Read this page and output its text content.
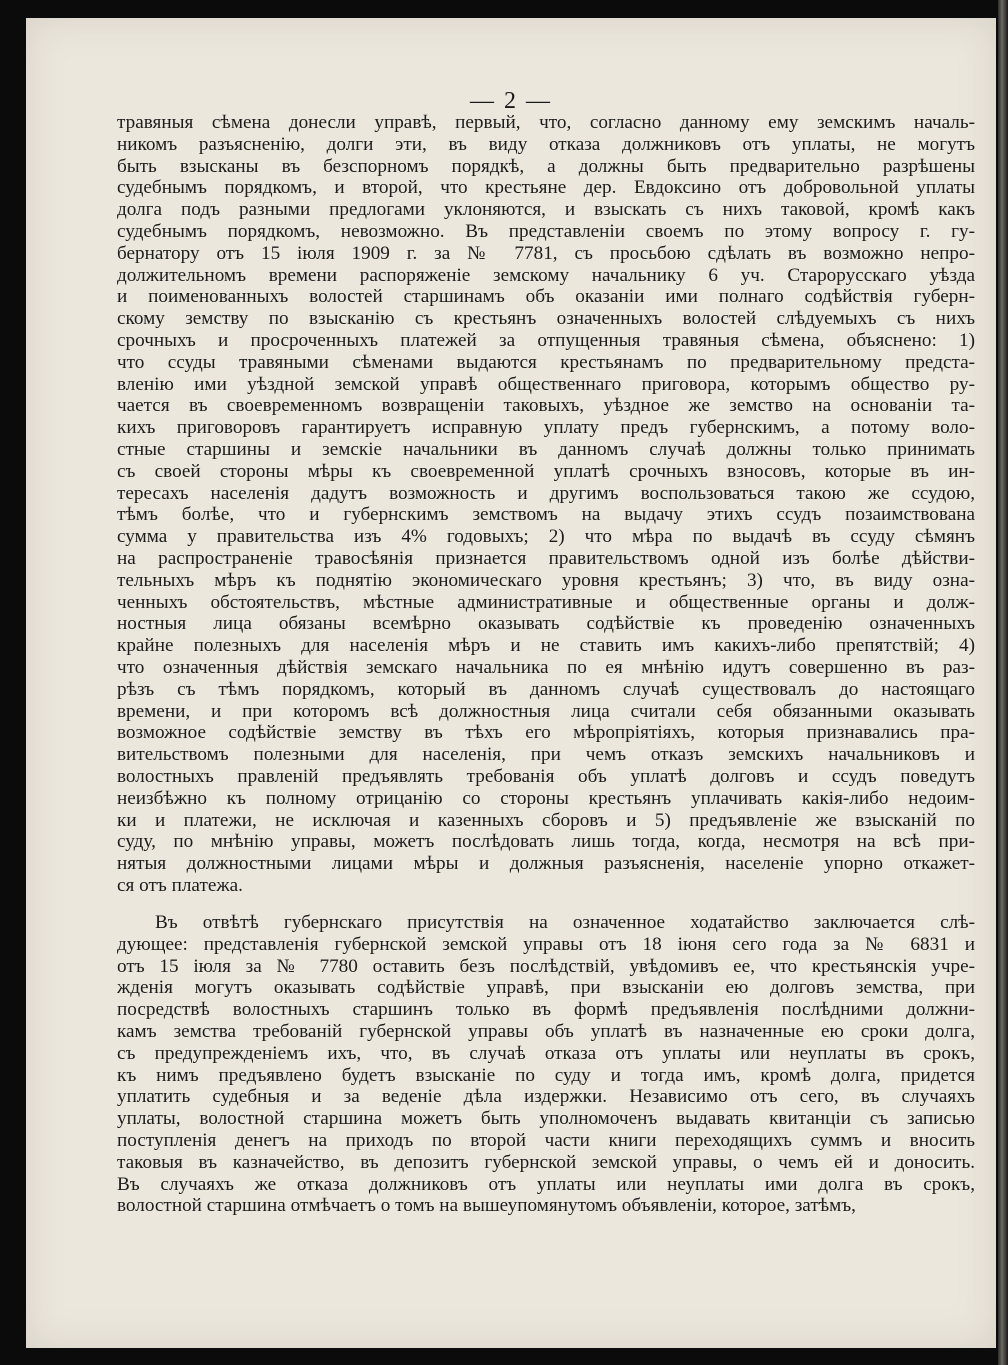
— 2 —
травяныя сѣмена донесли управѣ, первый, что, согласно данному ему земскимъ началь-
никомъ разъясненію, долги эти, въ виду отказа должниковъ отъ уплаты, не могутъ
быть взысканы въ безспорномъ порядкѣ, а должны быть предварительно разрѣшены
судебнымъ порядкомъ, и второй, что крестьяне дер. Евдоксино отъ добровольной уплаты
долга подъ разными предлогами уклоняются, и взыскать съ нихъ таковой, кромѣ какъ
судебнымъ порядкомъ, невозможно. Въ представленіи своемъ по этому вопросу г. гу-
бернатору отъ 15 іюля 1909 г. за № 7781, съ просьбою сдѣлать въ возможно непро-
должительномъ времени распоряженіе земскому начальнику 6 уч. Старорусскаго уѣзда
и поименованныхъ волостей старшинамъ объ оказаніи ими полнаго содѣйствія губерн-
скому земству по взысканію съ крестьянъ означенныхъ волостей слѣдуемыхъ съ нихъ
срочныхъ и просроченныхъ платежей за отпущенныя травяныя сѣмена, объяснено: 1)
что ссуды травяными сѣменами выдаются крестьянамъ по предварительному предста-
вленію ими уѣздной земской управѣ общественнаго приговора, которымъ общество ру-
чается въ своевременномъ возвращеніи таковыхъ, уѣздное же земство на основаніи та-
кихъ приговоровъ гарантируетъ исправную уплату предъ губернскимъ, а потому воло-
стные старшины и земскіе начальники въ данномъ случаѣ должны только принимать
съ своей стороны мѣры къ своевременной уплатѣ срочныхъ взносовъ, которые въ ин-
тересахъ населенія дадутъ возможность и другимъ воспользоваться такою же ссудою,
тѣмъ болѣе, что и губернскимъ земствомъ на выдачу этихъ ссудъ позаимствована
сумма у правительства изъ 4% годовыхъ; 2) что мѣра по выдачѣ въ ссуду сѣмянъ
на распространеніе травосѣянія признается правительствомъ одной изъ болѣе дѣйстви-
тельныхъ мѣръ къ поднятію экономическаго уровня крестьянъ; 3) что, въ виду озна-
ченныхъ обстоятельствъ, мѣстные административные и общественные органы и долж-
ностныя лица обязаны всемѣрно оказывать содѣйствіе къ проведенію означенныхъ
крайне полезныхъ для населенія мѣръ и не ставить имъ какихъ-либо препятствій; 4)
что означенныя дѣйствія земскаго начальника по ея мнѣнію идутъ совершенно въ раз-
рѣзъ съ тѣмъ порядкомъ, который въ данномъ случаѣ существовалъ до настоящаго
времени, и при которомъ всѣ должностныя лица считали себя обязанными оказывать
возможное содѣйствіе земству въ тѣхъ его мѣропріятіяхъ, которыя признавались пра-
вительствомъ полезными для населенія, при чемъ отказъ земскихъ начальниковъ и
волостныхъ правленій предъявлять требованія объ уплатѣ долговъ и ссудъ поведутъ
неизбѣжно къ полному отрицанію со стороны крестьянъ уплачивать какія-либо недоим-
ки и платежи, не исключая и казенныхъ сборовъ и 5) предъявленіе же взысканій по
суду, по мнѣнію управы, можетъ послѣдовать лишь тогда, когда, несмотря на всѣ при-
нятыя должностными лицами мѣры и должныя разъясненія, населеніе упорно откажет-
ся отъ платежа.
Въ отвѣтѣ губернскаго присутствія на означенное ходатайство заключается слѣ-
дующее: представленія губернской земской управы отъ 18 іюня сего года за № 6831 и
отъ 15 іюля за № 7780 оставить безъ послѣдствій, увѣдомивъ ее, что крестьянскія учре-
жденія могутъ оказывать содѣйствіе управѣ, при взысканіи ею долговъ земства, при
посредствѣ волостныхъ старшинъ только въ формѣ предъявленія послѣдними должни-
камъ земства требованій губернской управы объ уплатѣ въ назначенные ею сроки долга,
съ предупрежденіемъ ихъ, что, въ случаѣ отказа отъ уплаты или неуплаты въ срокъ,
къ нимъ предъявлено будетъ взысканіе по суду и тогда имъ, кромѣ долга, придется
уплатить судебныя и за веденіе дѣла издержки. Независимо отъ сего, въ случаяхъ
уплаты, волостной старшина можетъ быть уполномоченъ выдавать квитанціи съ записью
поступленія денегъ на приходъ по второй части книги переходящихъ суммъ и вносить
таковыя въ казначейство, въ депозитъ губернской земской управы, о чемъ ей и доносить.
Въ случаяхъ же отказа должниковъ отъ уплаты или неуплаты ими долга въ срокъ,
волостной старшина отмѣчаетъ о томъ на вышеупомянутомъ объявленіи, которое, затѣмъ,
